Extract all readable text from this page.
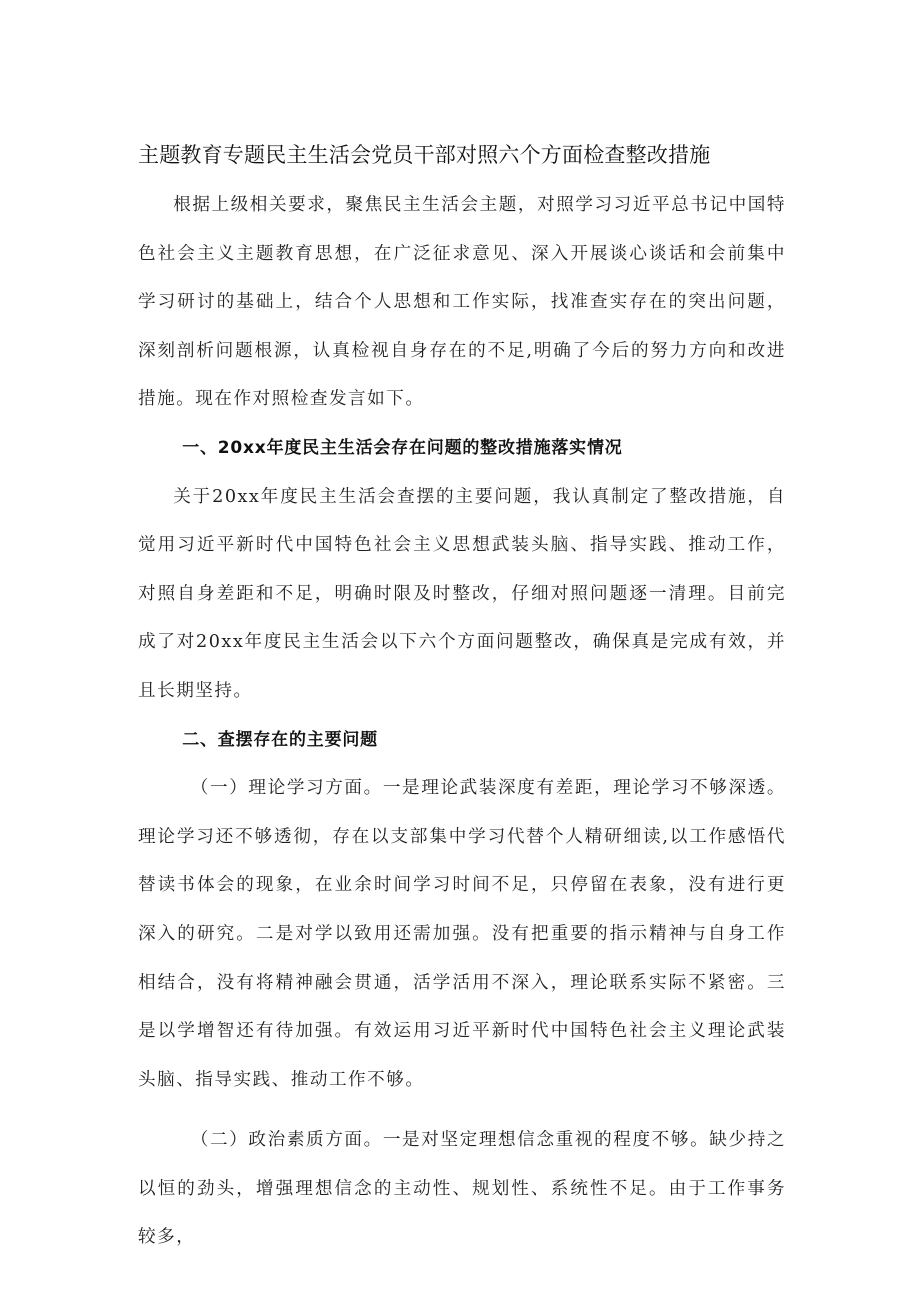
主题教育专题民主生活会党员干部对照六个方面检查整改措施

根据上级相关要求，聚焦民主生活会主题，对照学习习近平总书记中国特色社会主义主题教育思想，在广泛征求意见、深入开展谈心谈话和会前集中学习研讨的基础上，结合个人思想和工作实际，找准查实存在的突出问题，深刻剖析问题根源，认真检视自身存在的不足,明确了今后的努力方向和改进措施。现在作对照检查发言如下。

一、20xx年度民主生活会存在问题的整改措施落实情况

关于20xx年度民主生活会查摆的主要问题，我认真制定了整改措施，自觉用习近平新时代中国特色社会主义思想武装头脑、指导实践、推动工作，对照自身差距和不足，明确时限及时整改，仔细对照问题逐一清理。目前完成了对20xx年度民主生活会以下六个方面问题整改，确保真是完成有效，并且长期坚持。

二、查摆存在的主要问题

（一）理论学习方面。一是理论武装深度有差距，理论学习不够深透。理论学习还不够透彻，存在以支部集中学习代替个人精研细读,以工作感悟代替读书体会的现象，在业余时间学习时间不足，只停留在表象，没有进行更深入的研究。二是对学以致用还需加强。没有把重要的指示精神与自身工作相结合，没有将精神融会贯通，活学活用不深入，理论联系实际不紧密。三是以学增智还有待加强。有效运用习近平新时代中国特色社会主义理论武装头脑、指导实践、推动工作不够。

（二）政治素质方面。一是对坚定理想信念重视的程度不够。缺少持之以恒的劲头，增强理想信念的主动性、规划性、系统性不足。由于工作事务较多，
